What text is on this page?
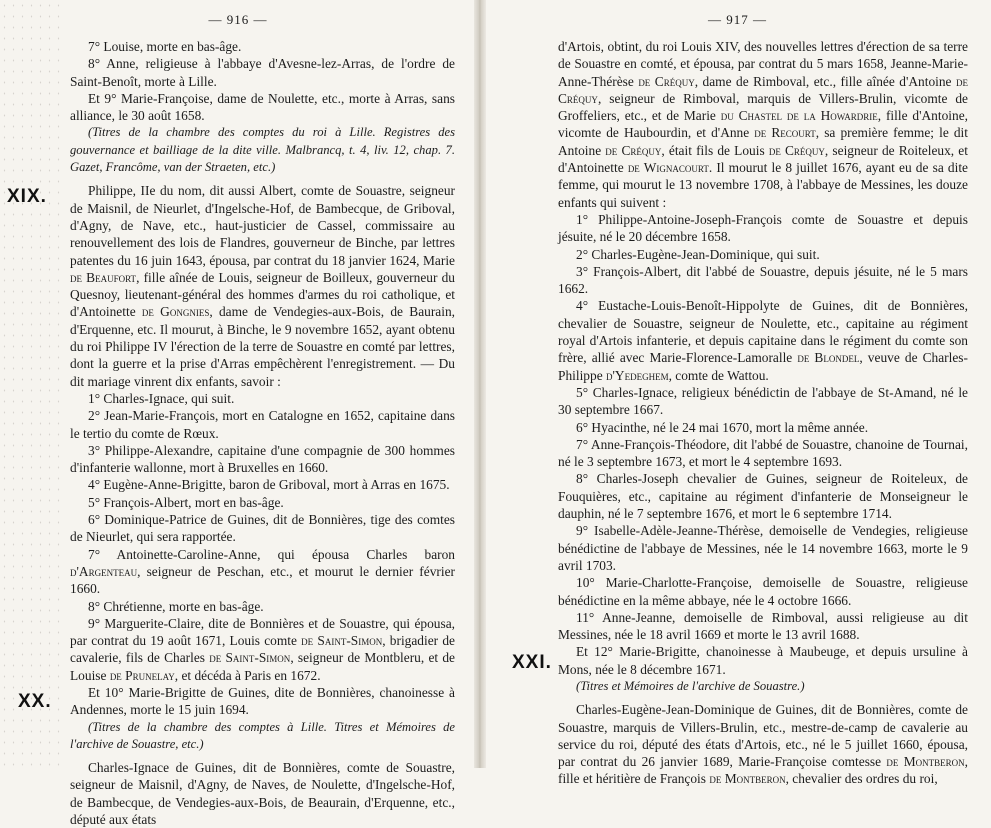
— 916 —
XIX.
XX.

7° Louise, morte en bas-âge.

8° Anne, religieuse à l'abbaye d'Avesne-lez-Arras, de l'ordre de Saint-Benoît, morte à Lille.

Et 9° Marie-Françoise, dame de Noulette, etc., morte à Arras, sans alliance, le 30 août 1658.

(Titres de la chambre des comptes du roi à Lille. Registres des gouvernance et bailliage de la dite ville. Malbrancq, t. 4, liv. 12, chap. 7. Gazet, Francôme, van der Straeten, etc.)

Philippe, IIe du nom, dit aussi Albert, comte de Souastre, seigneur de Maisnil, de Nieurlet, d'Ingelsche-Hof, de Bambecque, de Griboval, d'Agny, de Nave, etc., haut-justicier de Cassel, commissaire au renouvellement des lois de Flandres, gouverneur de Binche, par lettres patentes du 16 juin 1643, épousa, par contrat du 18 janvier 1624, Marie de Beaufort, fille aînée de Louis, seigneur de Boilleux, gouverneur du Quesnoy, lieutenant-général des hommes d'armes du roi catholique, et d'Antoinette de Gongnies, dame de Vendegies-aux-Bois, de Baurain, d'Erquenne, etc. Il mourut, à Binche, le 9 novembre 1652, ayant obtenu du roi Philippe IV l'érection de la terre de Souastre en comté par lettres, dont la guerre et la prise d'Arras empêchèrent l'enregistrement. — Du dit mariage vinrent dix enfants, savoir :

1° Charles-Ignace, qui suit.

2° Jean-Marie-François, mort en Catalogne en 1652, capitaine dans le tertio du comte de Rœux.

3° Philippe-Alexandre, capitaine d'une compagnie de 300 hommes d'infanterie wallonne, mort à Bruxelles en 1660.

4° Eugène-Anne-Brigitte, baron de Griboval, mort à Arras en 1675.

5° François-Albert, mort en bas-âge.

6° Dominique-Patrice de Guines, dit de Bonnières, tige des comtes de Nieurlet, qui sera rapportée.

7° Antoinette-Caroline-Anne, qui épousa Charles baron d'Argenteau, seigneur de Peschan, etc., et mourut le dernier février 1660.

8° Chrétienne, morte en bas-âge.

9° Marguerite-Claire, dite de Bonnières et de Souastre, qui épousa, par contrat du 19 août 1671, Louis comte de Saint-Simon, brigadier de cavalerie, fils de Charles de Saint-Simon, seigneur de Montbleru, et de Louise de Prunelay, et décéda à Paris en 1672.

Et 10° Marie-Brigitte de Guines, dite de Bonnières, chanoinesse à Andennes, morte le 15 juin 1694.

(Titres de la chambre des comptes à Lille. Titres et Mémoires de l'archive de Souastre, etc.)

Charles-Ignace de Guines, dit de Bonnières, comte de Souastre, seigneur de Maisnil, d'Agny, de Naves, de Noulette, d'Ingelsche-Hof, de Bambecque, de Vendegies-aux-Bois, de Beaurain, d'Erquenne, etc., député aux états

— 917 —
XXI.

d'Artois, obtint, du roi Louis XIV, des nouvelles lettres d'érection de sa terre de Souastre en comté, et épousa, par contrat du 5 mars 1658, Jeanne-Marie-Anne-Thérèse de Créquy, dame de Rimboval, etc., fille aînée d'Antoine de Créquy, seigneur de Rimboval, marquis de Villers-Brulin, vicomte de Groffeliers, etc., et de Marie du Chastel de la Howardrie, fille d'Antoine, vicomte de Haubourdin, et d'Anne de Recourt, sa première femme; le dit Antoine de Créquy, était fils de Louis de Créquy, seigneur de Roiteleux, et d'Antoinette de Wignacourt. Il mourut le 8 juillet 1676, ayant eu de sa dite femme, qui mourut le 13 novembre 1708, à l'abbaye de Messines, les douze enfants qui suivent :

1° Philippe-Antoine-Joseph-François comte de Souastre et depuis jésuite, né le 20 décembre 1658.

2° Charles-Eugène-Jean-Dominique, qui suit.

3° François-Albert, dit l'abbé de Souastre, depuis jésuite, né le 5 mars 1662.

4° Eustache-Louis-Benoît-Hippolyte de Guines, dit de Bonnières, chevalier de Souastre, seigneur de Noulette, etc., capitaine au régiment royal d'Artois infanterie, et depuis capitaine dans le régiment du comte son frère, allié avec Marie-Florence-Lamoralle de Blondel, veuve de Charles-Philippe d'Yedeghem, comte de Wattou.

5° Charles-Ignace, religieux bénédictin de l'abbaye de St-Amand, né le 30 septembre 1667.

6° Hyacinthe, né le 24 mai 1670, mort la même année.

7° Anne-François-Théodore, dit l'abbé de Souastre, chanoine de Tournai, né le 3 septembre 1673, et mort le 4 septembre 1693.

8° Charles-Joseph chevalier de Guines, seigneur de Roiteleux, de Fouquières, etc., capitaine au régiment d'infanterie de Monseigneur le dauphin, né le 7 septembre 1676, et mort le 6 septembre 1714.

9° Isabelle-Adèle-Jeanne-Thérèse, demoiselle de Vendegies, religieuse bénédictine de l'abbaye de Messines, née le 14 novembre 1663, morte le 9 avril 1703.

10° Marie-Charlotte-Françoise, demoiselle de Souastre, religieuse bénédictine en la même abbaye, née le 4 octobre 1666.

11° Anne-Jeanne, demoiselle de Rimboval, aussi religieuse au dit Messines, née le 18 avril 1669 et morte le 13 avril 1688.

Et 12° Marie-Brigitte, chanoinesse à Maubeuge, et depuis ursuline à Mons, née le 8 décembre 1671.

(Titres et Mémoires de l'archive de Souastre.)

Charles-Eugène-Jean-Dominique de Guines, dit de Bonnières, comte de Souastre, marquis de Villers-Brulin, etc., mestre-de-camp de cavalerie au service du roi, député des états d'Artois, etc., né le 5 juillet 1660, épousa, par contrat du 26 janvier 1689, Marie-Françoise comtesse de Montberon, fille et héritière de François de Montberon, chevalier des ordres du roi,
